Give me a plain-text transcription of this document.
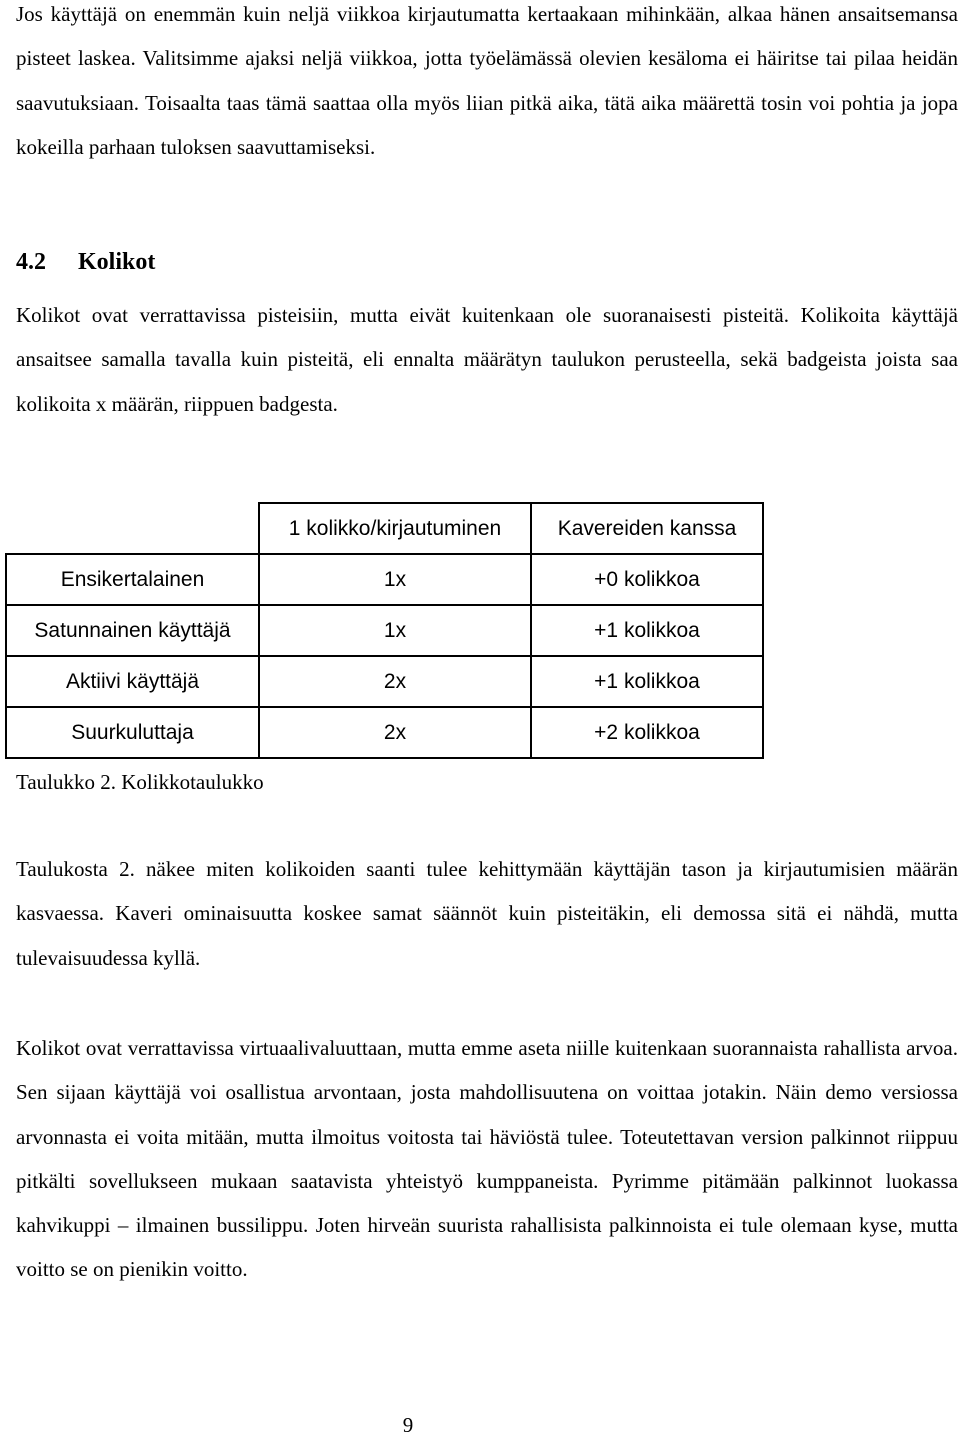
Jos käyttäjä on enemmän kuin neljä viikkoa kirjautumatta kertaakaan mihinkään, alkaa hänen ansaitsemansa pisteet laskea. Valitsimme ajaksi neljä viikkoa, jotta työelämässä olevien kesäloma ei häiritse tai pilaa heidän saavutuksiaan. Toisaalta taas tämä saattaa olla myös liian pitkä aika, tätä aika määrettä tosin voi pohtia ja jopa kokeilla parhaan tuloksen saavuttamiseksi.

4.2 Kolikot

Kolikot ovat verrattavissa pisteisiin, mutta eivät kuitenkaan ole suoranaisesti pisteitä. Kolikoita käyttäjä ansaitsee samalla tavalla kuin pisteitä, eli ennalta määrätyn taulukon perusteella, sekä badgeista joista saa kolikoita x määrän, riippuen badgesta.

	1 kolikko/kirjautuminen	Kavereiden kanssa
Ensikertalainen	1x	+0 kolikkoa
Satunnainen käyttäjä	1x	+1 kolikkoa
Aktiivi käyttäjä	2x	+1 kolikkoa
Suurkuluttaja	2x	+2 kolikkoa

Taulukko 2. Kolikkotaulukko

Taulukosta 2. näkee miten kolikoiden saanti tulee kehittymään käyttäjän tason ja kirjautumisien määrän kasvaessa. Kaveri ominaisuutta koskee samat säännöt kuin pisteitäkin, eli demossa sitä ei nähdä, mutta tulevaisuudessa kyllä.

Kolikot ovat verrattavissa virtuaalivaluuttaan, mutta emme aseta niille kuitenkaan suorannaista rahallista arvoa. Sen sijaan käyttäjä voi osallistua arvontaan, josta mahdollisuutena on voittaa jotakin. Näin demo versiossa arvonnasta ei voita mitään, mutta ilmoitus voitosta tai häviöstä tulee. Toteutettavan version palkinnot riippuu pitkälti sovellukseen mukaan saatavista yhteistyö kumppaneista. Pyrimme pitämään palkinnot luokassa kahvikuppi – ilmainen bussilippu. Joten hirveän suurista rahallisista palkinnoista ei tule olemaan kyse, mutta voitto se on pienikin voitto.

9
